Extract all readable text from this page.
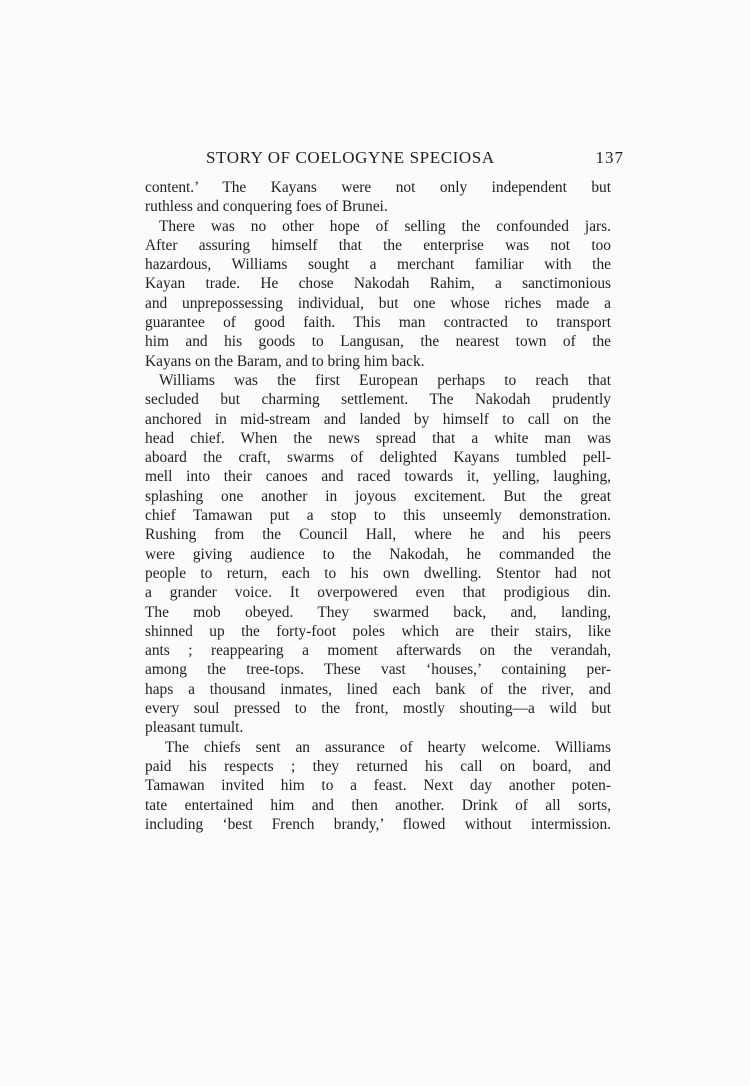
STORY OF COELOGYNE SPECIOSA	137
content.’ The Kayans were not only independent but
ruthless and conquering foes of Brunei.
There was no other hope of selling the confounded jars.
After assuring himself that the enterprise was not too
hazardous, Williams sought a merchant familiar with the
Kayan trade. He chose Nakodah Rahim, a sanctimonious
and unprepossessing individual, but one whose riches made a
guarantee of good faith. This man contracted to transport
him and his goods to Langusan, the nearest town of the
Kayans on the Baram, and to bring him back.
Williams was the first European perhaps to reach that
secluded but charming settlement. The Nakodah prudently
anchored in mid-stream and landed by himself to call on the
head chief. When the news spread that a white man was
aboard the craft, swarms of delighted Kayans tumbled pell-
mell into their canoes and raced towards it, yelling, laughing,
splashing one another in joyous excitement. But the great
chief Tamawan put a stop to this unseemly demonstration.
Rushing from the Council Hall, where he and his peers
were giving audience to the Nakodah, he commanded the
people to return, each to his own dwelling. Stentor had not
a grander voice. It overpowered even that prodigious din.
The mob obeyed. They swarmed back, and, landing,
shinned up the forty-foot poles which are their stairs, like
ants ; reappearing a moment afterwards on the verandah,
among the tree-tops. These vast ‘houses,’ containing per-
haps a thousand inmates, lined each bank of the river, and
every soul pressed to the front, mostly shouting—a wild but
pleasant tumult.
The chiefs sent an assurance of hearty welcome. Williams
paid his respects ; they returned his call on board, and
Tamawan invited him to a feast. Next day another poten-
tate entertained him and then another. Drink of all sorts,
including ‘best French brandy,’ flowed without intermission.
